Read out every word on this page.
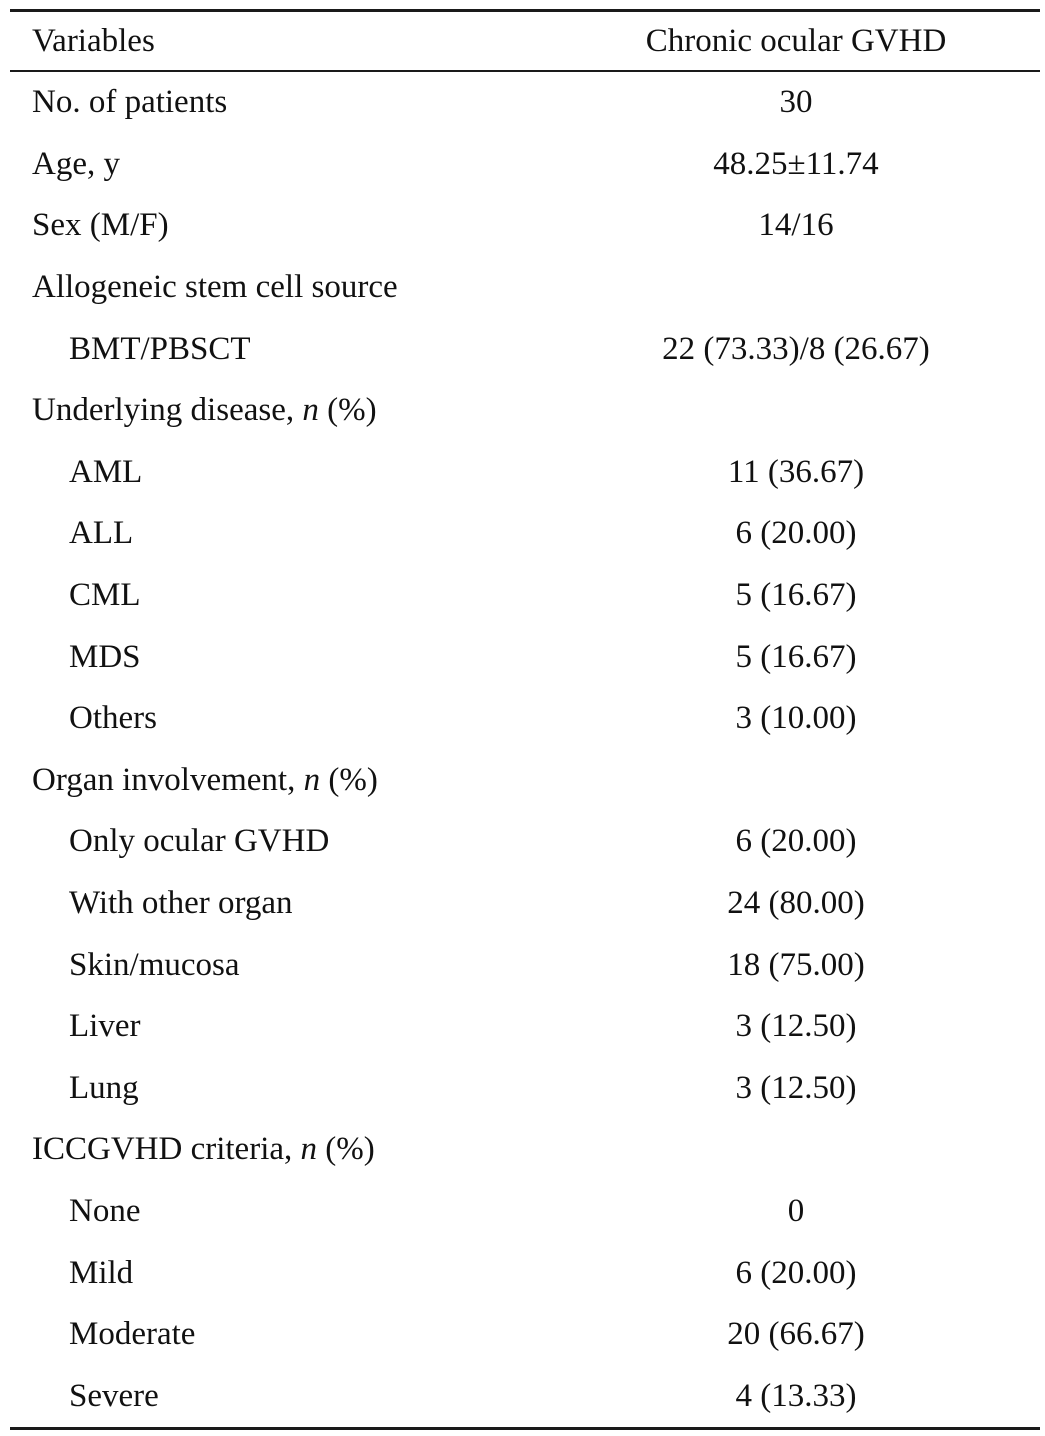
Variables	Chronic ocular GVHD
No. of patients	30
Age, y	48.25±11.74
Sex (M/F)	14/16
Allogeneic stem cell source
BMT/PBSCT	22 (73.33)/8 (26.67)
Underlying disease, n (%)
AML	11 (36.67)
ALL	6 (20.00)
CML	5 (16.67)
MDS	5 (16.67)
Others	3 (10.00)
Organ involvement, n (%)
Only ocular GVHD	6 (20.00)
With other organ	24 (80.00)
Skin/mucosa	18 (75.00)
Liver	3 (12.50)
Lung	3 (12.50)
ICCGVHD criteria, n (%)
None	0
Mild	6 (20.00)
Moderate	20 (66.67)
Severe	4 (13.33)
